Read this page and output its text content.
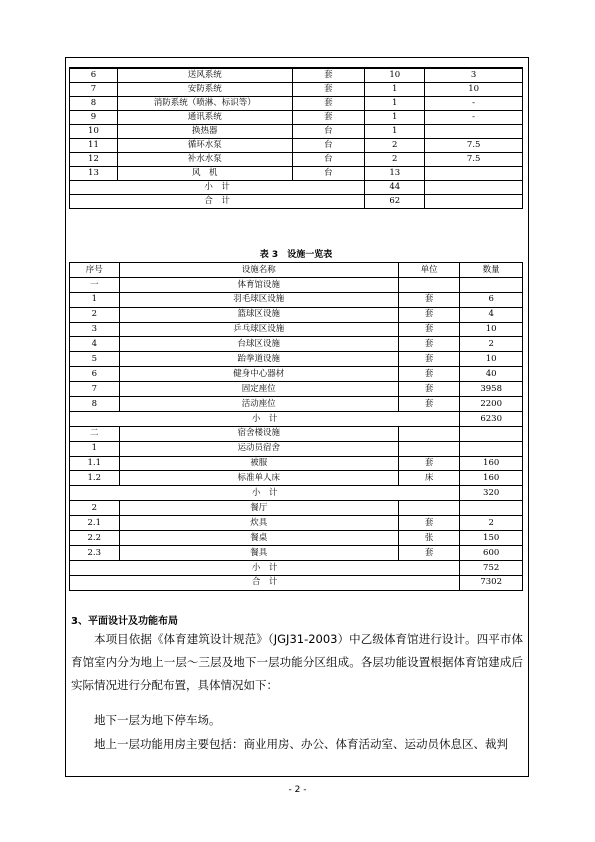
6	送风系统	套	10	3
7	安防系统	套	1	10
8	消防系统（喷淋、标识等）	套	1	-
9	通讯系统	套	1	-
10	换热器	台	1	
11	循环水泵	台	2	7.5
12	补水水泵	台	2	7.5
13	风　机	台	13	
小　计			44	
合　计			62	
表 3　设施一览表
序号	设施名称	单位	数量
一	体育馆设施		
1	羽毛球区设施	套	6
2	篮球区设施	套	4
3	乒乓球区设施	套	10
4	台球区设施	套	2
5	跆拳道设施	套	10
6	健身中心器材	套	40
7	固定座位	套	3958
8	活动座位	套	2200
小　计			6230
二	宿舍楼设施		
1	运动员宿舍		
1.1	被服	套	160
1.2	标准单人床	床	160
小　计			320
2	餐厅		
2.1	炊具	套	2
2.2	餐桌	张	150
2.3	餐具	套	600
小　计			752
合　计			7302
3、平面设计及功能布局
本项目依据《体育建筑设计规范》（JGJ31-2003）中乙级体育馆进行设计。四平市体育馆室内分为地上一层～三层及地下一层功能分区组成。各层功能设置根据体育馆建成后实际情况进行分配布置，具体情况如下：
地下一层为地下停车场。
地上一层功能用房主要包括：商业用房、办公、体育活动室、运动员休息区、裁判
- 2 -
